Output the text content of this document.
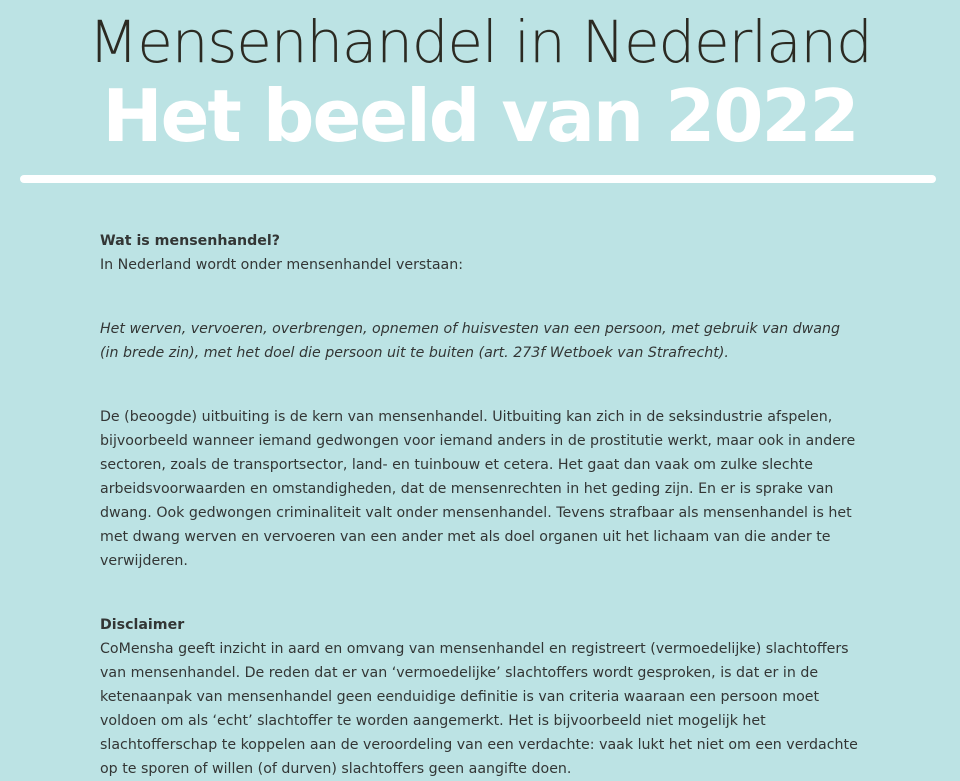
Mensenhandel in Nederland
Het beeld van 2022

Wat is mensenhandel?

In Nederland wordt onder mensenhandel verstaan:

Het werven, vervoeren, overbrengen, opnemen of huisvesten van een persoon, met gebruik van dwang (in brede zin), met het doel die persoon uit te buiten (art. 273f Wetboek van Strafrecht).

De (beoogde) uitbuiting is de kern van mensenhandel. Uitbuiting kan zich in de seksindustrie afspelen, bijvoorbeeld wanneer iemand gedwongen voor iemand anders in de prostitutie werkt, maar ook in andere sectoren, zoals de transportsector, land- en tuinbouw et cetera. Het gaat dan vaak om zulke slechte arbeidsvoorwaarden en omstandigheden, dat de mensenrechten in het geding zijn. En er is sprake van dwang. Ook gedwongen criminaliteit valt onder mensenhandel. Tevens strafbaar als mensenhandel is het met dwang werven en vervoeren van een ander met als doel organen uit het lichaam van die ander te verwijderen.

Disclaimer

CoMensha geeft inzicht in aard en omvang van mensenhandel en registreert (vermoedelijke) slachtoffers van mensenhandel. De reden dat er van ‘vermoedelijke’ slachtoffers wordt gesproken, is dat er in de ketenaanpak van mensenhandel geen eenduidige definitie is van criteria waaraan een persoon moet voldoen om als ‘echt’ slachtoffer te worden aangemerkt. Het is bijvoorbeeld niet mogelijk het slachtofferschap te koppelen aan de veroordeling van een verdachte: vaak lukt het niet om een verdachte op te sporen of willen (of durven) slachtoffers geen aangifte doen.
